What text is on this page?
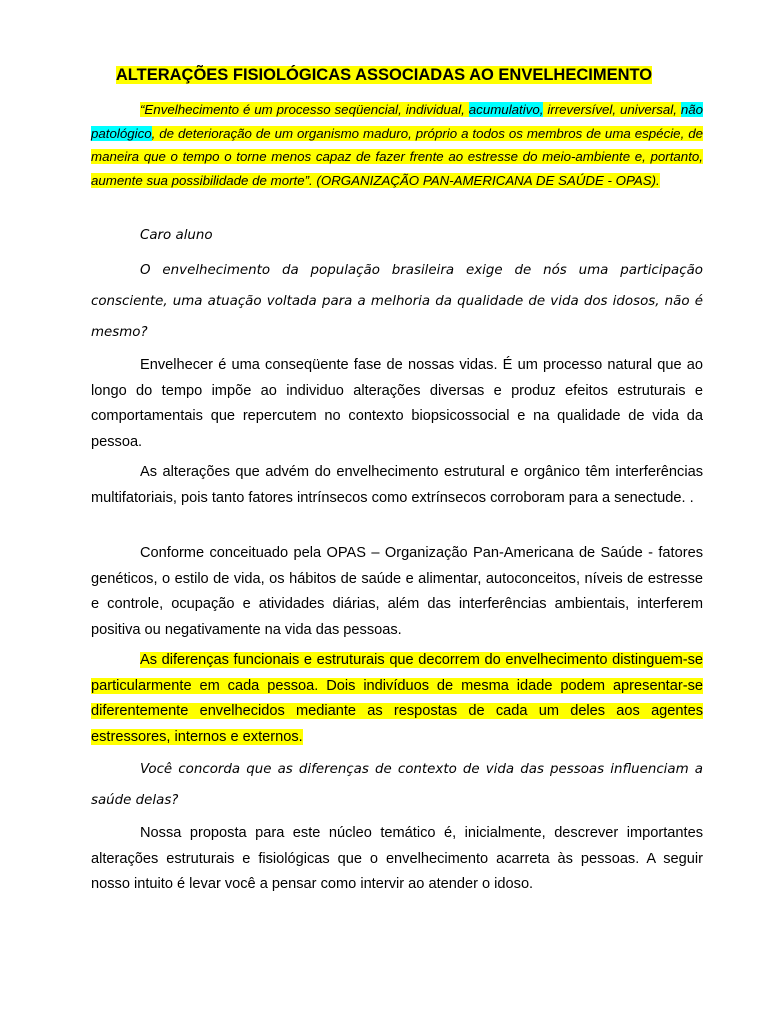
ALTERAÇÕES FISIOLÓGICAS ASSOCIADAS AO ENVELHECIMENTO

“Envelhecimento é um processo seqüencial, individual, acumulativo, irreversível, universal, não patológico, de deterioração de um organismo maduro, próprio a todos os membros de uma espécie, de maneira que o tempo o torne menos capaz de fazer frente ao estresse do meio-ambiente e, portanto, aumente sua possibilidade de morte”. (ORGANIZAÇÃO PAN-AMERICANA DE SAÚDE - OPAS).

Caro aluno

O envelhecimento da população brasileira exige de nós uma participação consciente, uma atuação voltada para a melhoria da qualidade de vida dos idosos, não é mesmo?

Envelhecer é uma conseqüente fase de nossas vidas. É um processo natural que ao longo do tempo impõe ao individuo alterações diversas e produz efeitos estruturais e comportamentais que repercutem no contexto biopsicossocial e na qualidade de vida da pessoa.

As alterações que advém do envelhecimento estrutural e orgânico têm interferências multifatoriais, pois tanto fatores intrínsecos como extrínsecos corroboram para a senectude. .

Conforme conceituado pela OPAS – Organização Pan-Americana de Saúde - fatores genéticos, o estilo de vida, os hábitos de saúde e alimentar, autoconceitos, níveis de estresse e controle, ocupação e atividades diárias, além das interferências ambientais, interferem positiva ou negativamente na vida das pessoas.

As diferenças funcionais e estruturais que decorrem do envelhecimento distinguem-se particularmente em cada pessoa. Dois indivíduos de mesma idade podem apresentar-se diferentemente envelhecidos mediante as respostas de cada um deles aos agentes estressores, internos e externos.

Você concorda que as diferenças de contexto de vida das pessoas influenciam a saúde delas?

Nossa proposta para este núcleo temático é, inicialmente, descrever importantes alterações estruturais e fisiológicas que o envelhecimento acarreta às pessoas. A seguir nosso intuito é levar você a pensar como intervir ao atender o idoso.
